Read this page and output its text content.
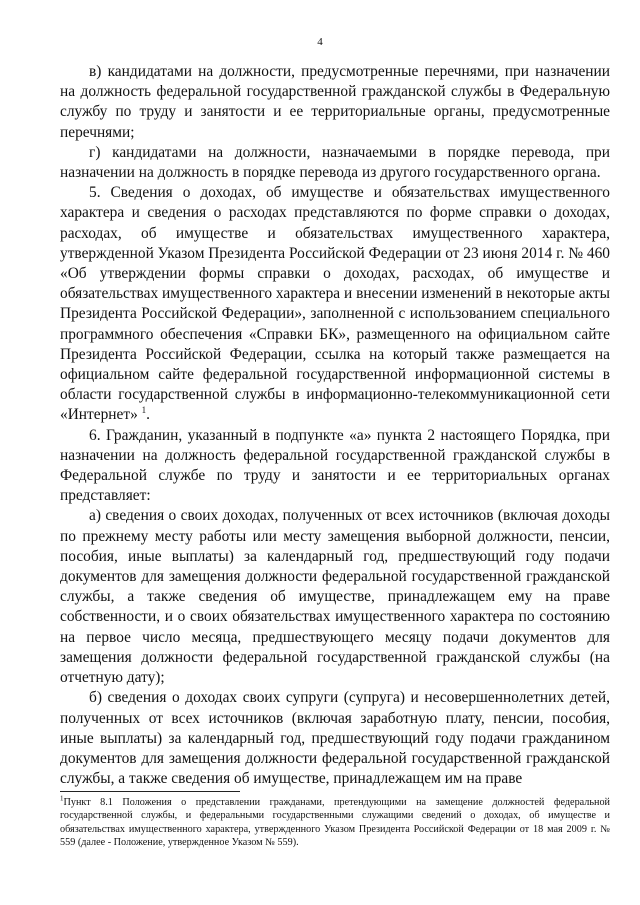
4

в) кандидатами на должности, предусмотренные перечнями, при назначении на должность федеральной государственной гражданской службы в Федеральную службу по труду и занятости и ее территориальные органы, предусмотренные перечнями;

г) кандидатами на должности, назначаемыми в порядке перевода, при назначении на должность в порядке перевода из другого государственного органа.

5. Сведения о доходах, об имуществе и обязательствах имущественного характера и сведения о расходах представляются по форме справки о доходах, расходах, об имуществе и обязательствах имущественного характера, утвержденной Указом Президента Российской Федерации от 23 июня 2014 г. № 460 «Об утверждении формы справки о доходах, расходах, об имуществе и обязательствах имущественного характера и внесении изменений в некоторые акты Президента Российской Федерации», заполненной с использованием специального программного обеспечения «Справки БК», размещенного на официальном сайте Президента Российской Федерации, ссылка на который также размещается на официальном сайте федеральной государственной информационной системы в области государственной службы в информационно-телекоммуникационной сети «Интернет» $^1$.

6. Гражданин, указанный в подпункте «а» пункта 2 настоящего Порядка, при назначении на должность федеральной государственной гражданской службы в Федеральной службе по труду и занятости и ее территориальных органах представляет:

а) сведения о своих доходах, полученных от всех источников (включая доходы по прежнему месту работы или месту замещения выборной должности, пенсии, пособия, иные выплаты) за календарный год, предшествующий году подачи документов для замещения должности федеральной государственной гражданской службы, а также сведения об имуществе, принадлежащем ему на праве собственности, и о своих обязательствах имущественного характера по состоянию на первое число месяца, предшествующего месяцу подачи документов для замещения должности федеральной государственной гражданской службы (на отчетную дату);

б) сведения о доходах своих супруги (супруга) и несовершеннолетних детей, полученных от всех источников (включая заработную плату, пенсии, пособия, иные выплаты) за календарный год, предшествующий году подачи гражданином документов для замещения должности федеральной государственной гражданской службы, а также сведения об имуществе, принадлежащем им на праве

$^1$Пункт 8.1 Положения о представлении гражданами, претендующими на замещение должностей федеральной государственной службы, и федеральными государственными служащими сведений о доходах, об имуществе и обязательствах имущественного характера, утвержденного Указом Президента Российской Федерации от 18 мая 2009 г. № 559 (далее - Положение, утвержденное Указом № 559).
